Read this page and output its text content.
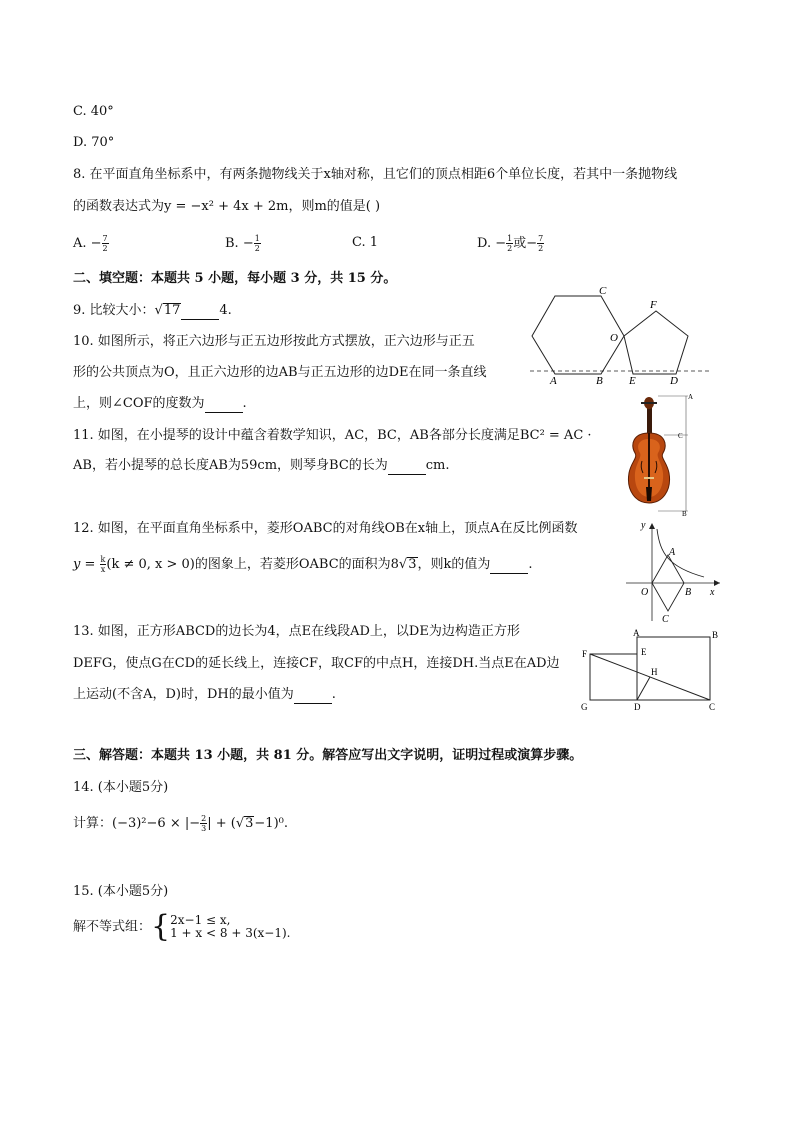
C. 40°
D. 70°
8. 在平面直角坐标系中，有两条抛物线关于x轴对称，且它们的顶点相距6个单位长度，若其中一条抛物线
的函数表达式为y = −x² + 4x + 2m，则m的值是( )
A. − $\frac{7}{2}$	B. − $\frac{1}{2}$	C. 1	D. − $\frac{1}{2}$ 或− $\frac{7}{2}$
二、填空题：本题共 5 小题，每小题 3 分，共 15 分。
9. 比较大小：√17	4.
10. 如图所示，将正六边形与正五边形按此方式摆放，正六边形与正五
形的公共顶点为O，且正六边形的边AB与正五边形的边DE在同一条直线
上，则∠COF的度数为	.
C
F
O
A	B E	D
11. 如图，在小提琴的设计中蕴含着数学知识，AC，BC，AB各部分长度满足BC² = AC ·
AB，若小提琴的总长度AB为59cm，则琴身BC的长为	cm.
A
C
B
12. 如图，在平面直角坐标系中，菱形OABC的对角线OB在x轴上，顶点A在反比例函数
$y = \frac{k}{x} (k \ne 0$, x > 0)的图象上，若菱形OABC的面积为8√3，则k的值为	.
y
A
O	B
C
x
13. 如图，正方形ABCD的边长为4，点E在线段AD上，以DE为边构造正方形
DEFG，使点G在CD的延长线上，连接CF，取CF的中点H，连接DH.当点E在AD边
上运动(不含A，D)时，DH的最小值为	.
A	B
F	E
H
G	D	C
三、解答题：本题共 13 小题，共 81 分。解答应写出文字说明，证明过程或演算步骤。
14. (本小题5分)
计算：(−3)²−6 × |− $\frac{2}{3}$ | + (√3−1)⁰.
15. (本小题5分)
解不等式组：{ 2x−1 ≤ x,
1 + x < 8 + 3(x−1).
